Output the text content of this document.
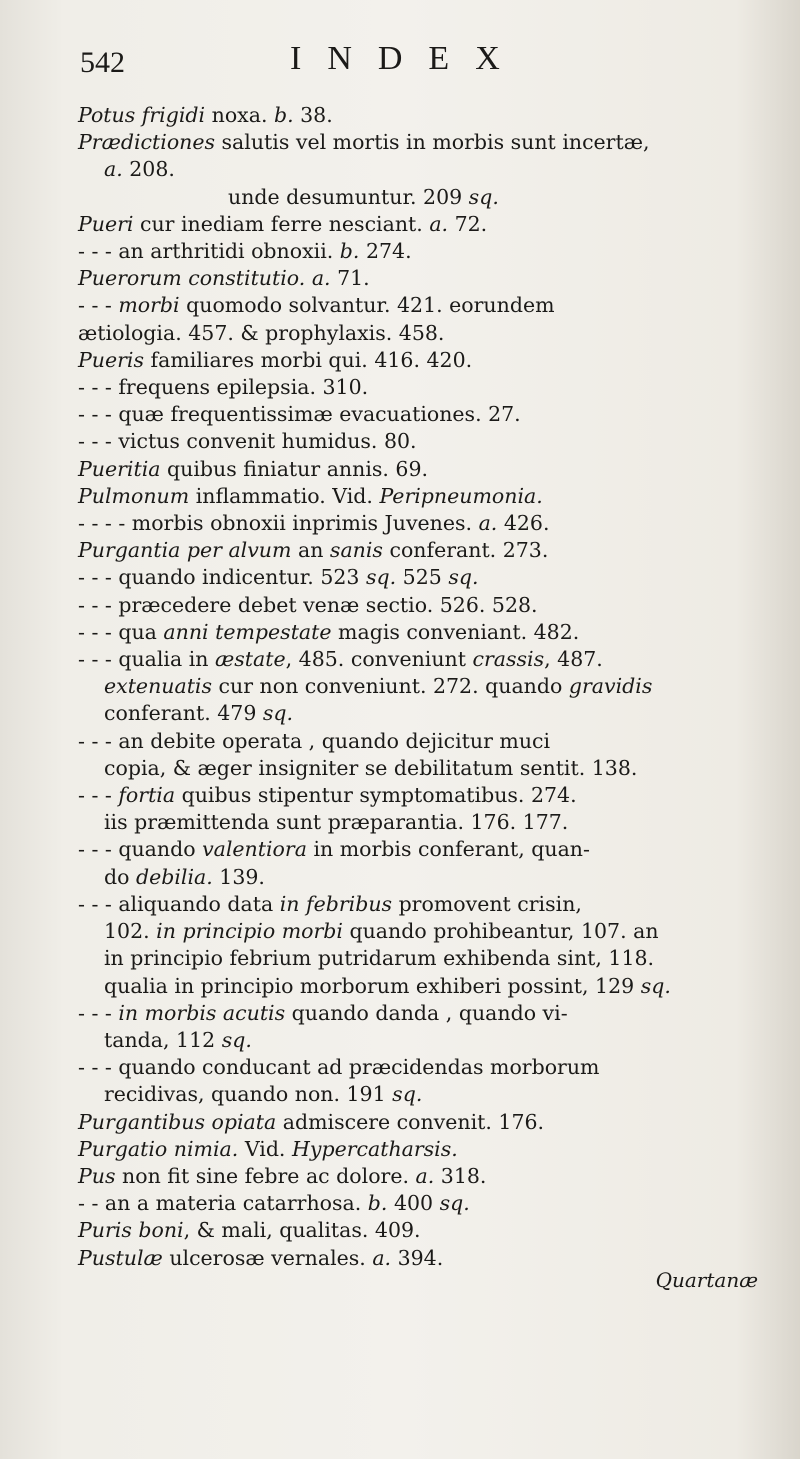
542	INDEX
Potus frigidi noxa. b. 38.
Prædictiones salutis vel mortis in morbis sunt incertæ,
a. 208.
unde desumuntur. 209 sq.
Pueri cur inediam ferre nesciant. a. 72.
- - - an arthritidi obnoxii. b. 274.
Puerorum constitutio. a. 71.
- - - morbi quomodo solvantur. 421. eorundem
ætiologia. 457. & prophylaxis. 458.
Pueris familiares morbi qui. 416. 420.
- - - frequens epilepsia. 310.
- - - quæ frequentissimæ evacuationes. 27.
- - - victus convenit humidus. 80.
Pueritia quibus finiatur annis. 69.
Pulmonum inflammatio. Vid. Peripneumonia.
- - - - morbis obnoxii inprimis Juvenes. a. 426.
Purgantia per alvum an sanis conferant. 273.
- - - quando indicentur. 523 sq. 525 sq.
- - - præcedere debet venæ sectio. 526. 528.
- - - qua anni tempestate magis conveniant. 482.
- - - qualia in æstate, 485. conveniunt crassis, 487.
extenuatis cur non conveniunt. 272. quando gravidis
conferant. 479 sq.
- - - an debite operata , quando dejicitur muci
copia, & æger insigniter se debilitatum sentit. 138.
- - - fortia quibus stipentur symptomatibus. 274.
iis præmittenda sunt præparantia. 176. 177.
- - - quando valentiora in morbis conferant, quan-
do debilia. 139.
- - - aliquando data in febribus promovent crisin,
102. in principio morbi quando prohibeantur, 107. an
in principio febrium putridarum exhibenda sint, 118.
qualia in principio morborum exhiberi possint, 129 sq.
- - - in morbis acutis quando danda , quando vi-
tanda, 112 sq.
- - - quando conducant ad præcidendas morborum
recidivas, quando non. 191 sq.
Purgantibus opiata admiscere convenit. 176.
Purgatio nimia. Vid. Hypercatharsis.
Pus non fit sine febre ac dolore. a. 318.
- - an a materia catarrhosa. b. 400 sq.
Puris boni, & mali, qualitas. 409.
Pustulæ ulcerosæ vernales. a. 394.
Quartanæ
